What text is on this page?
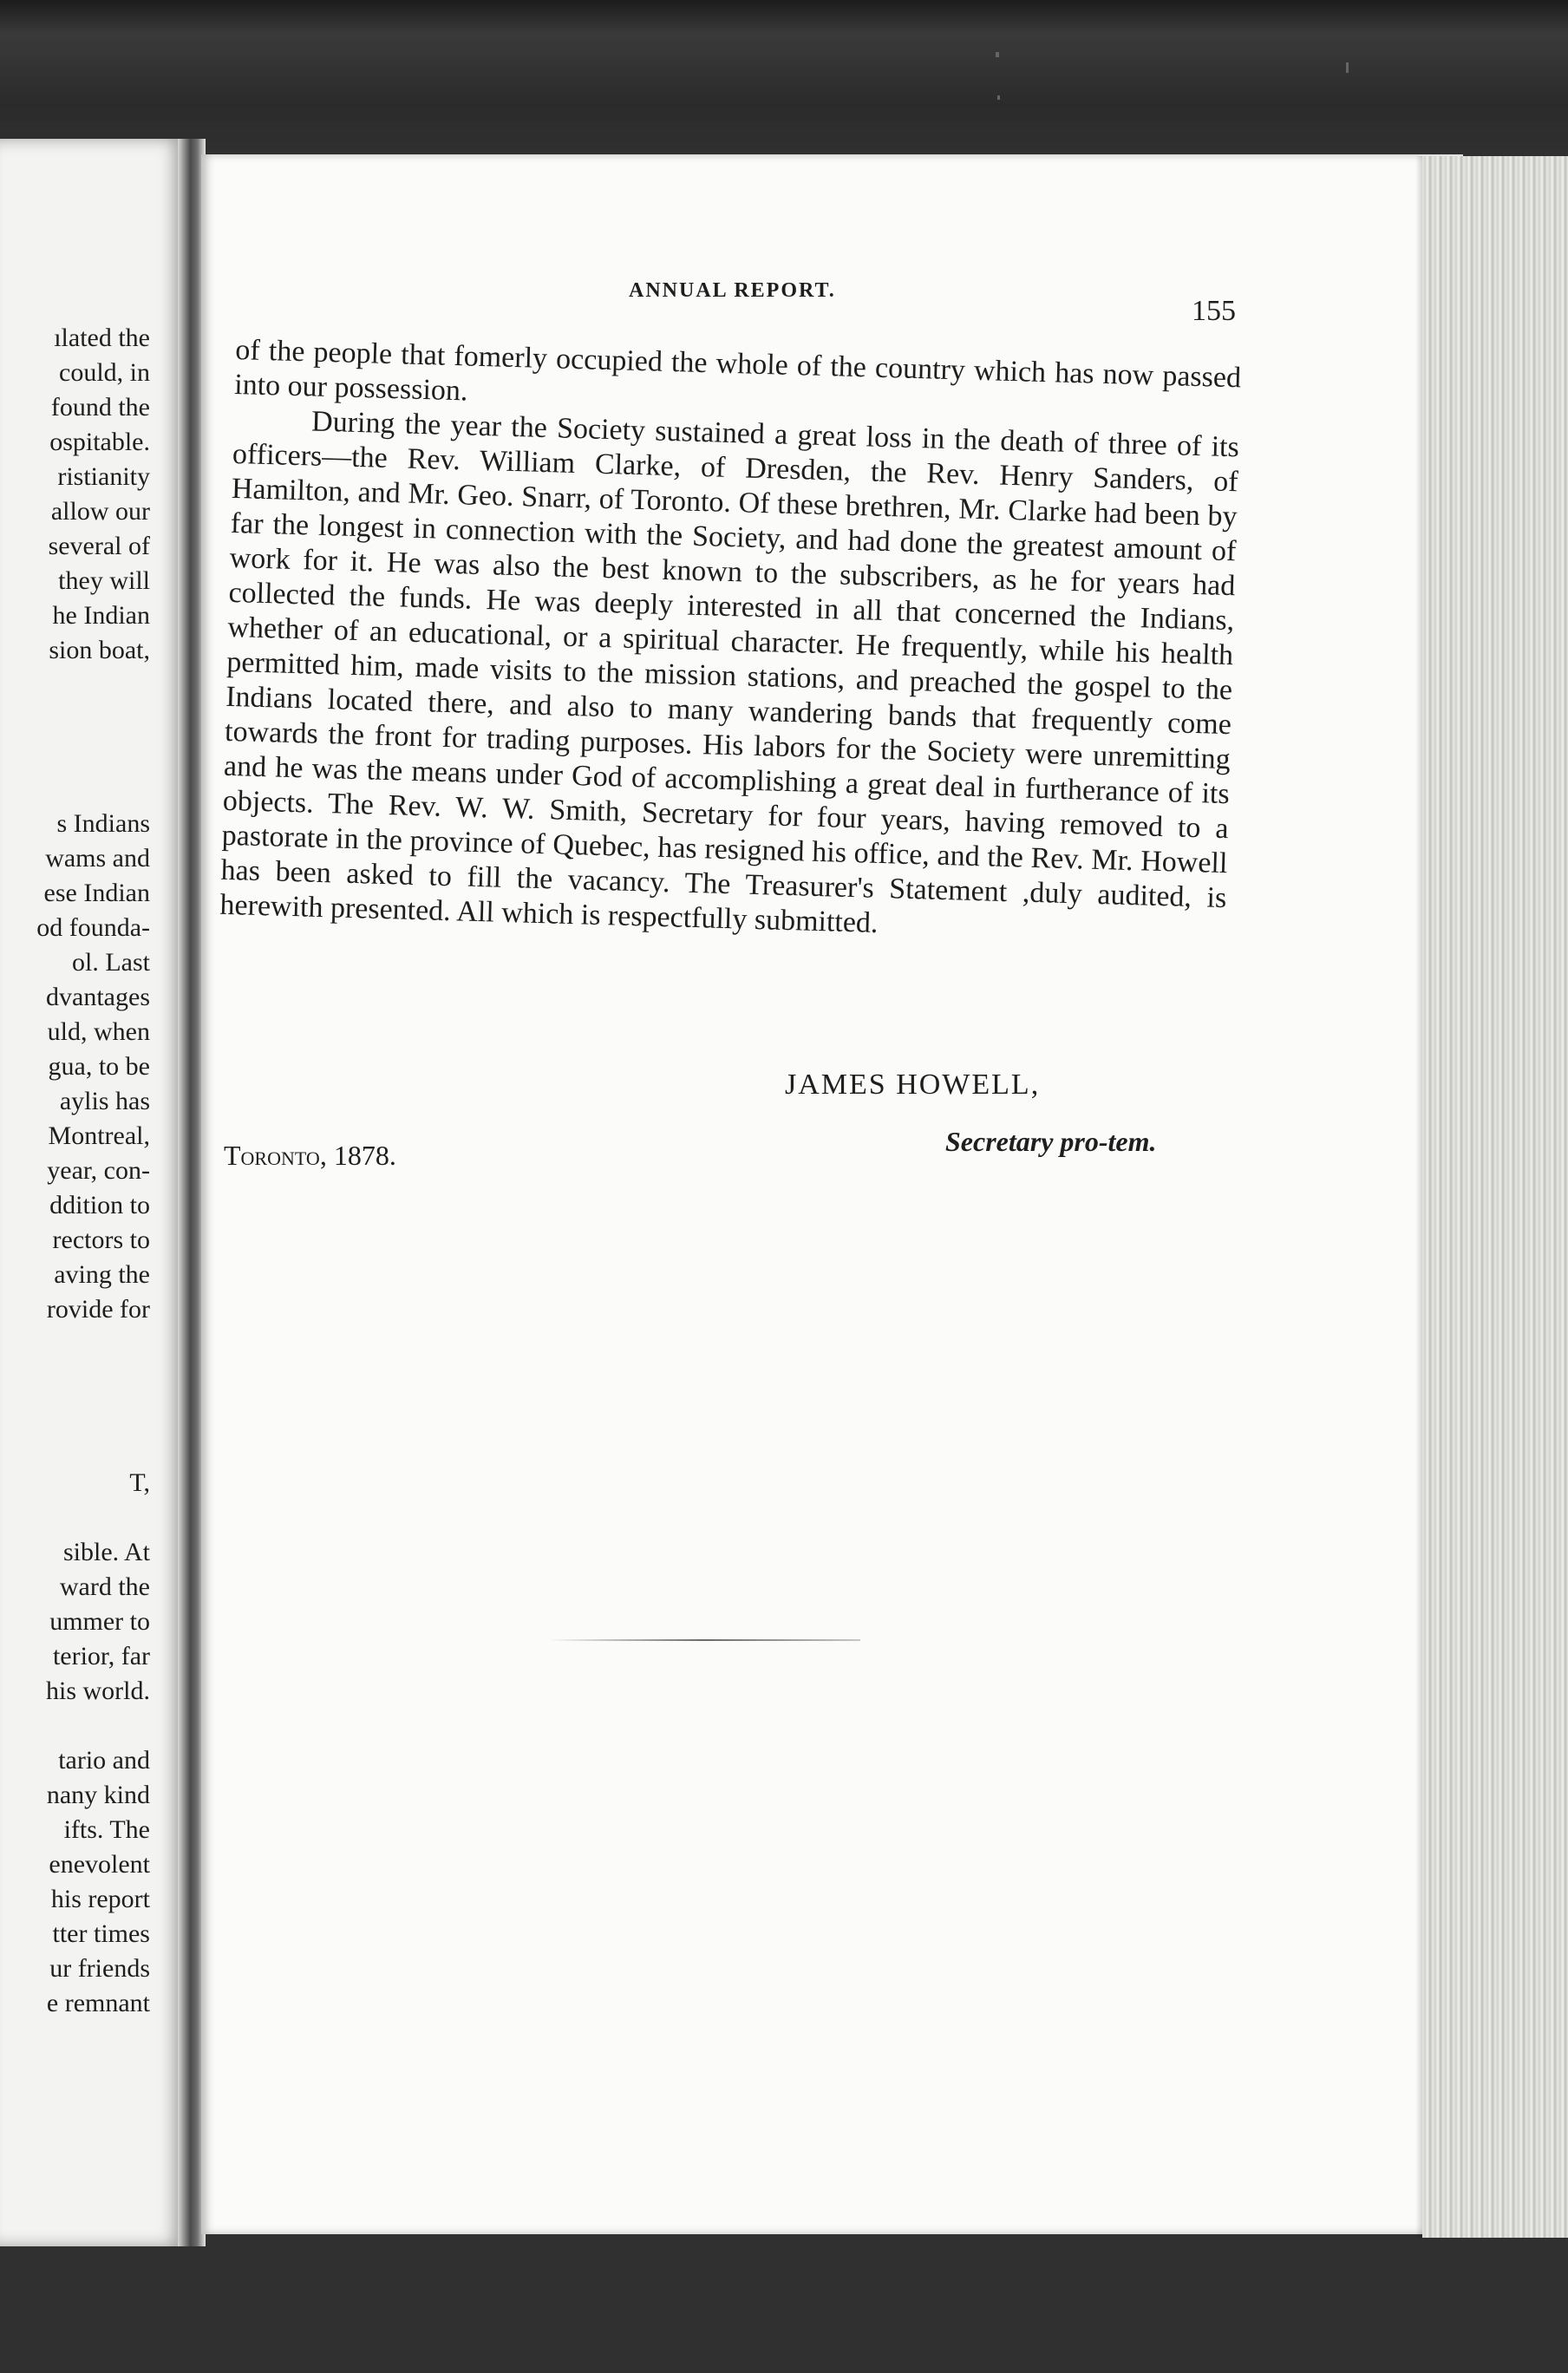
ılated the
could, in
found the
ospitable.
ristianity
allow our
several of
they will
he Indian
sion boat,
s Indians
wams and
ese Indian
od founda-
ol. Last
dvantages
uld, when
gua, to be
aylis has
Montreal,
year, con-
ddition to
rectors to
aving the
rovide for
T,
sible. At
ward the
ummer to
terior, far
his world.
tario and
nany kind
ifts. The
enevolent
his report
tter times
ur friends
e remnant
ANNUAL REPORT.
155

of the people that fomerly occupied the whole of the country which has now passed into our possession.

During the year the Society sustained a great loss in the death of three of its officers—the Rev. William Clarke, of Dresden, the Rev. Henry Sanders, of Hamilton, and Mr. Geo. Snarr, of Toronto. Of these brethren, Mr. Clarke had been by far the longest in connection with the Society, and had done the greatest amount of work for it. He was also the best known to the subscribers, as he for years had collected the funds. He was deeply interested in all that concerned the Indians, whether of an educational, or a spiritual character. He frequently, while his health permitted him, made visits to the mission stations, and preached the gospel to the Indians located there, and also to many wandering bands that frequently come towards the front for trading purposes. His labors for the Society were unremitting and he was the means under God of accomplishing a great deal in furtherance of its objects. The Rev. W. W. Smith, Secretary for four years, having removed to a pastorate in the province of Quebec, has resigned his office, and the Rev. Mr. Howell has been asked to fill the vacancy. The Treasurer's Statement ,duly audited, is herewith presented. All which is respectfully submitted.

JAMES HOWELL,
Secretary pro-tem.
Toronto, 1878.
